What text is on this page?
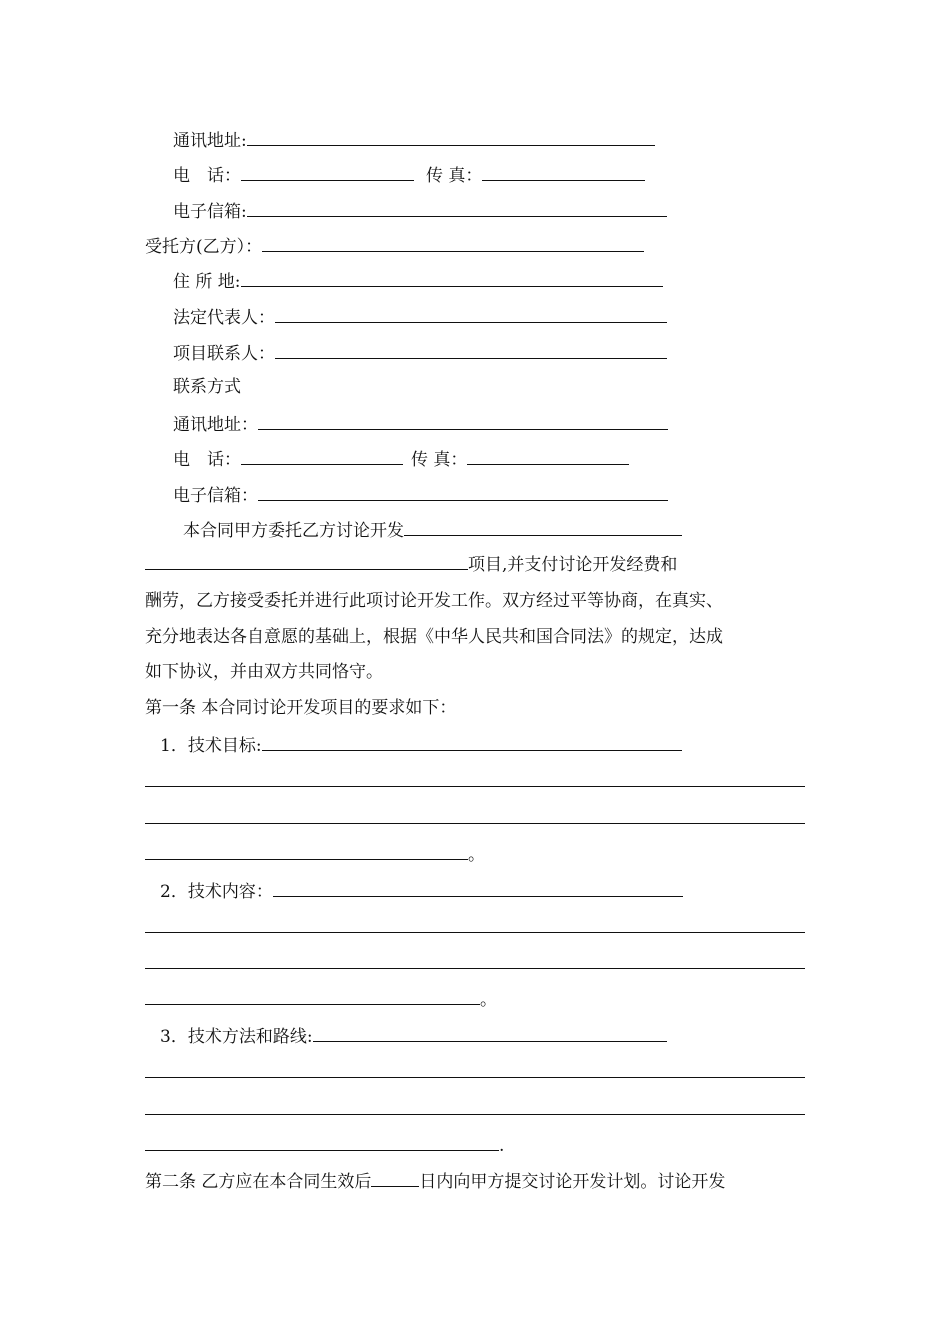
通讯地址:
电　话：	传 真：
电子信箱:
受托方(乙方）：
住 所 地:
法定代表人：
项目联系人：
联系方式
通讯地址：
电　话：	传 真：
电子信箱：
本合同甲方委托乙方讨论开发
项目,并支付讨论开发经费和
酬劳，乙方接受委托并进行此项讨论开发工作。双方经过平等协商，在真实、
充分地表达各自意愿的基础上，根据《中华人民共和国合同法》的规定，达成
如下协议，并由双方共同恪守。
第一条 本合同讨论开发项目的要求如下：
1．技术目标:
。
2．技术内容：
。
3．技术方法和路线:
.
第二条 乙方应在本合同生效后	日内向甲方提交讨论开发计划。讨论开发
